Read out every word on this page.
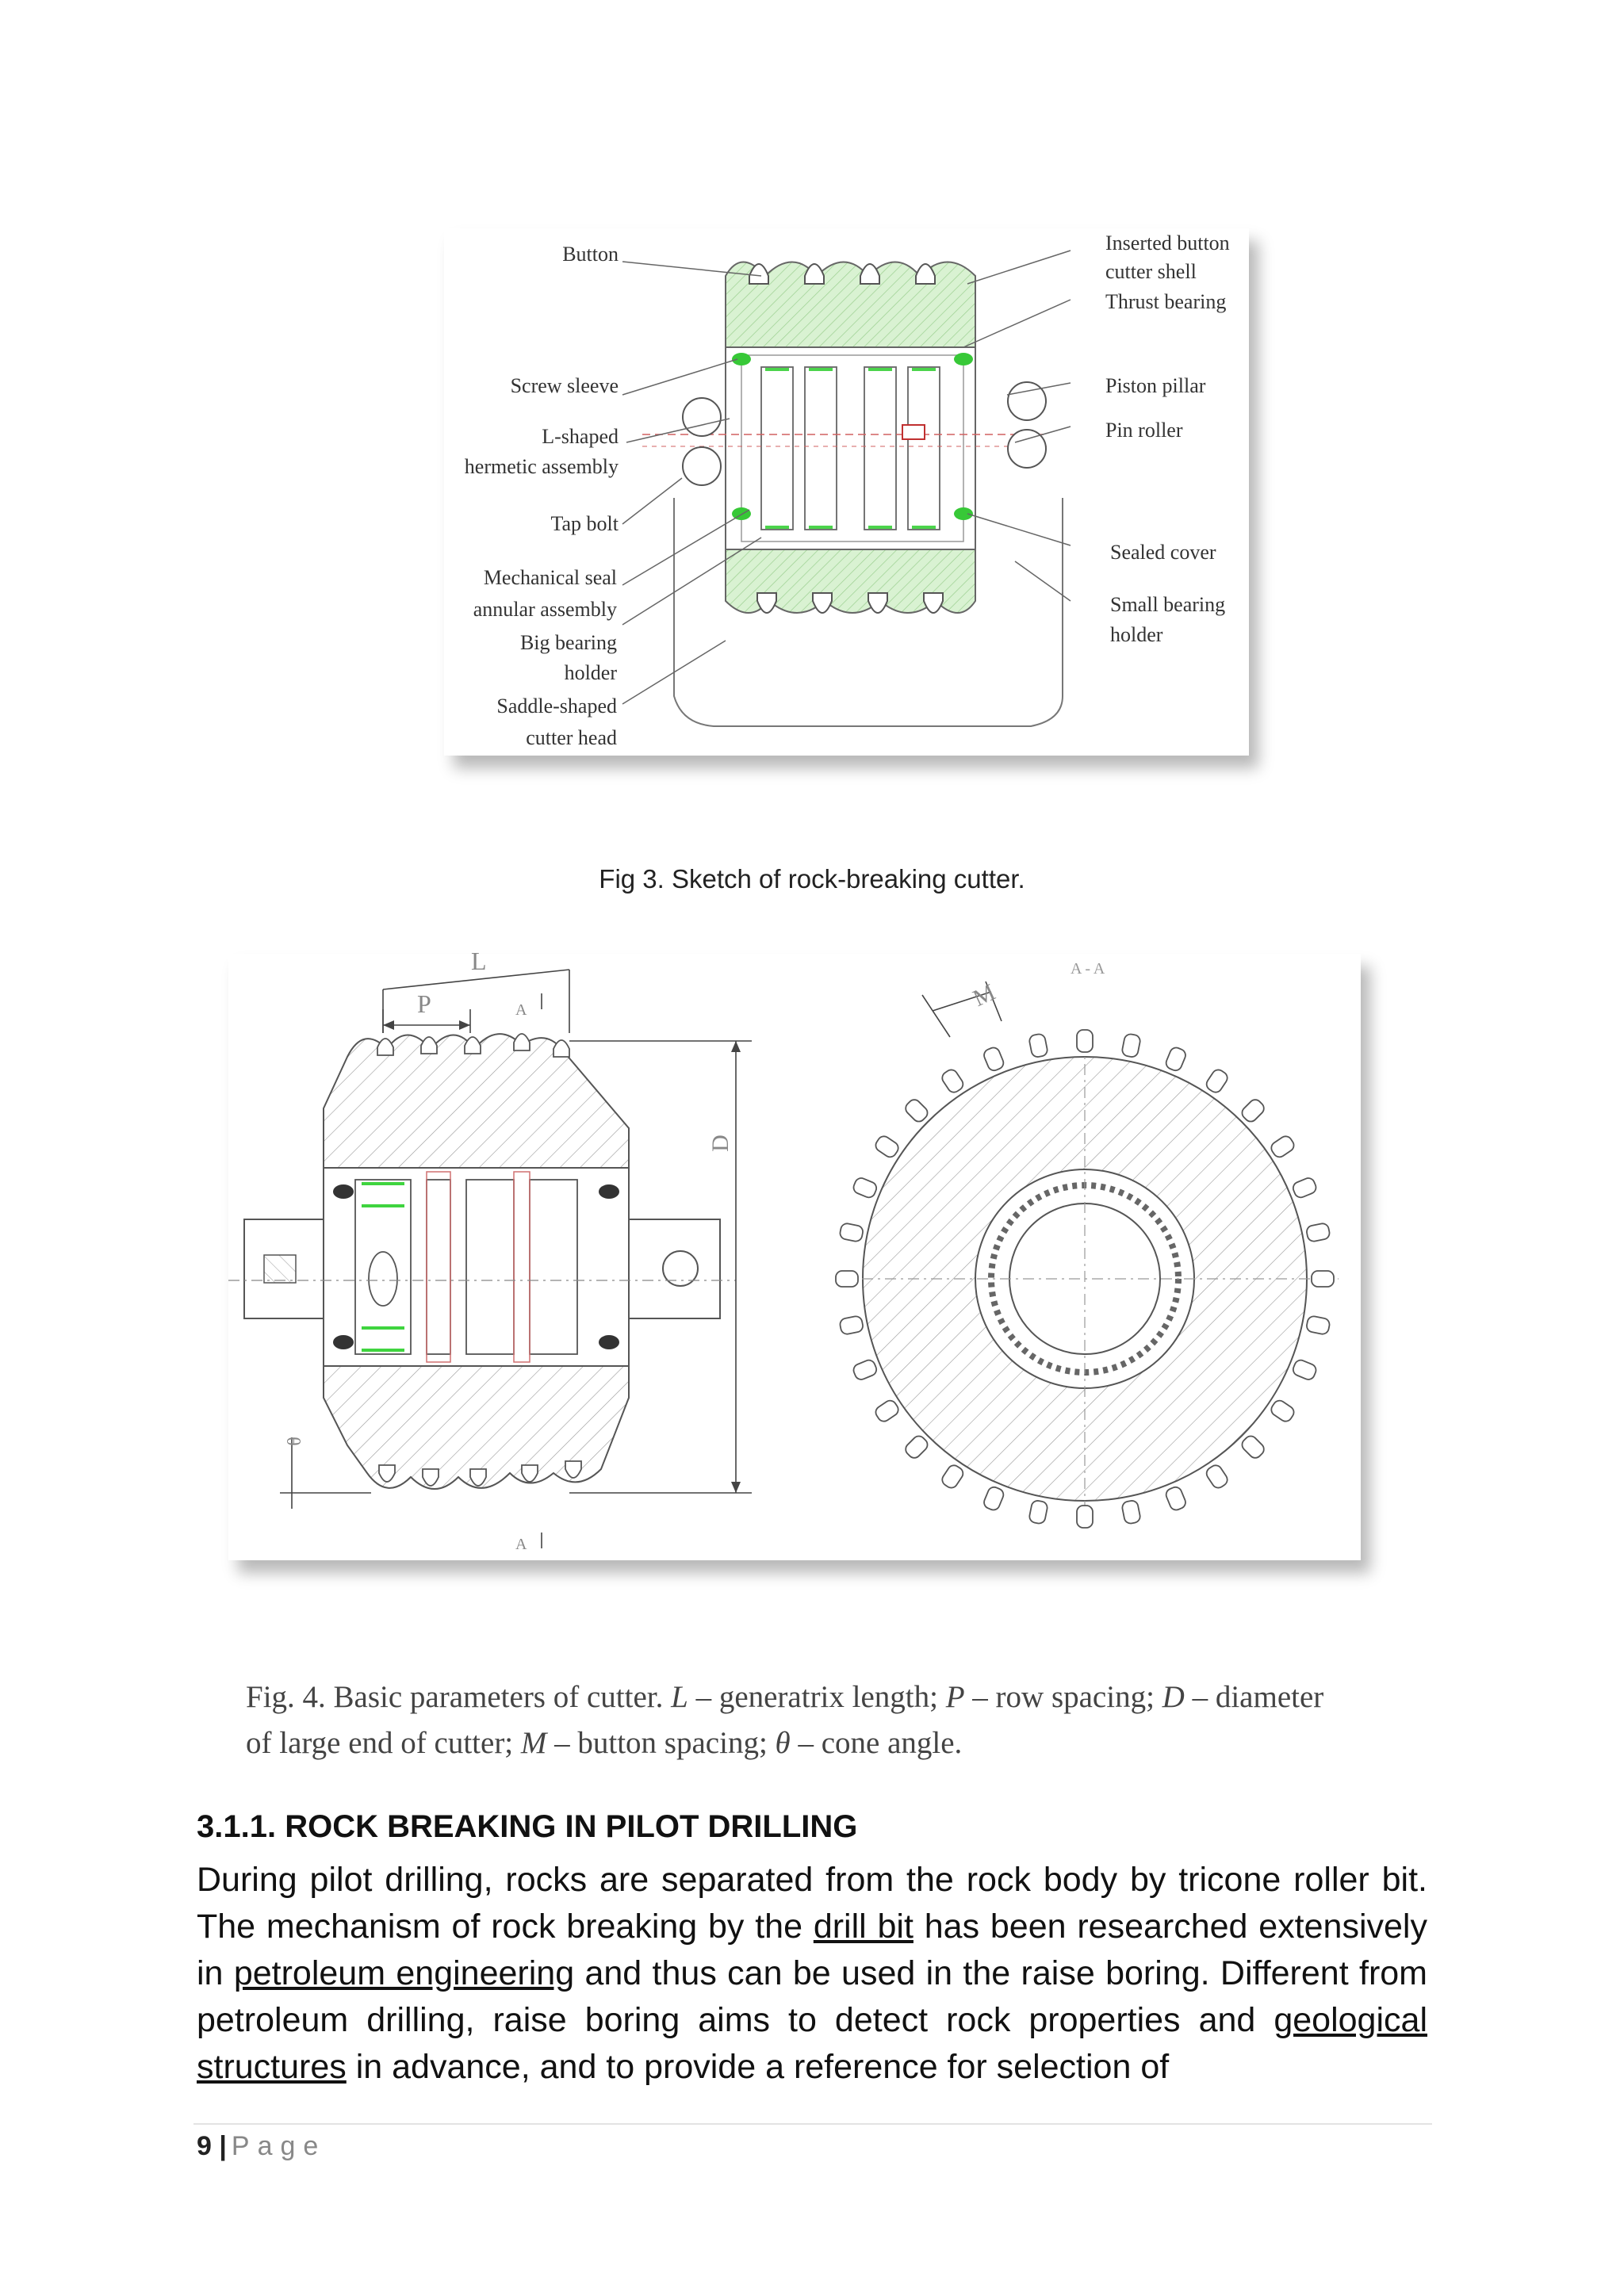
Button
Screw sleeve
L-shaped
hermetic assembly
Tap bolt
Mechanical seal
annular assembly
Big bearing
holder
Saddle-shaped
cutter head
Inserted button
cutter shell
Thrust bearing
Piston pillar
Pin roller
Sealed cover
Small bearing
holder
Fig 3. Sketch of rock-breaking cutter.
L
P	A
A
D
θ
M
A - A
Fig. 4. Basic parameters of cutter. L – generatrix length; P – row spacing; D – diameter of large end of cutter; M – button spacing; θ – cone angle.
3.1.1. ROCK BREAKING IN PILOT DRILLING
During pilot drilling, rocks are separated from the rock body by tricone roller bit. The mechanism of rock breaking by the drill bit has been researched extensively in petroleum engineering and thus can be used in the raise boring. Different from petroleum drilling, raise boring aims to detect rock properties and geological structures in advance, and to provide a reference for selection of
9 | Page
